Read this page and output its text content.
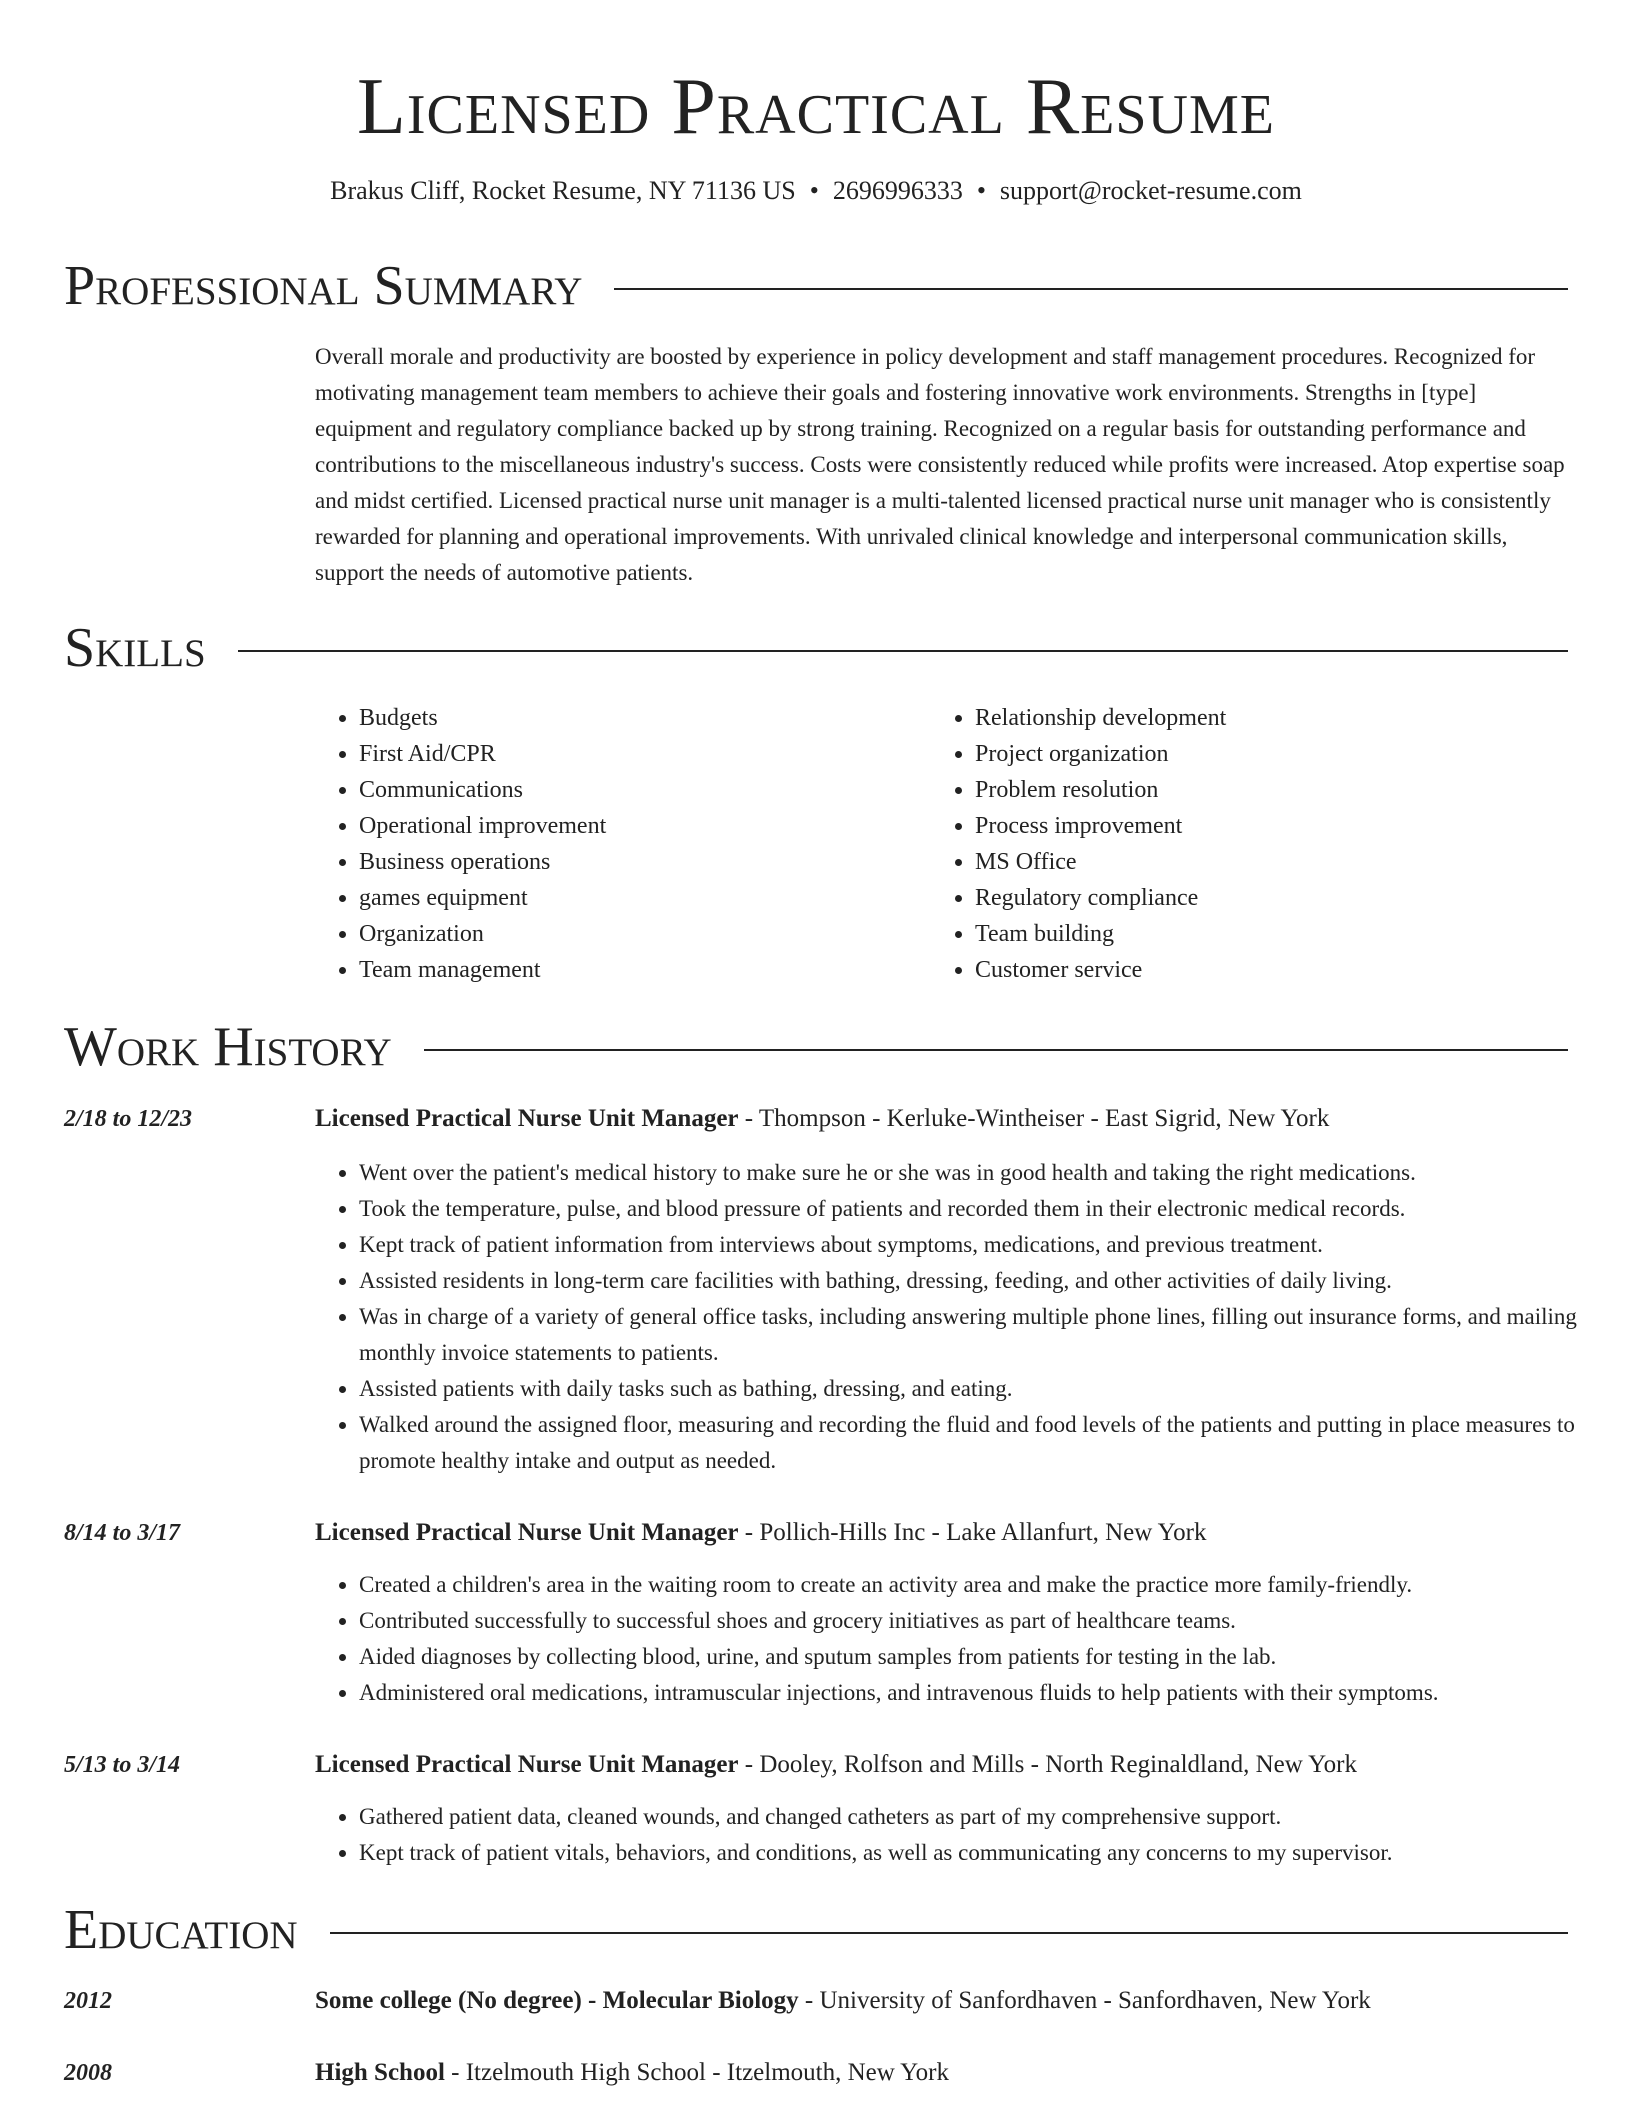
Licensed Practical Resume
Brakus Cliff, Rocket Resume, NY 71136 US • 2696996333 • support@rocket-resume.com
Professional Summary
Overall morale and productivity are boosted by experience in policy development and staff management procedures. Recognized for motivating management team members to achieve their goals and fostering innovative work environments. Strengths in [type] equipment and regulatory compliance backed up by strong training. Recognized on a regular basis for outstanding performance and contributions to the miscellaneous industry's success. Costs were consistently reduced while profits were increased. Atop expertise soap and midst certified. Licensed practical nurse unit manager is a multi-talented licensed practical nurse unit manager who is consistently rewarded for planning and operational improvements. With unrivaled clinical knowledge and interpersonal communication skills, support the needs of automotive patients.
Skills
• Budgets
• First Aid/CPR
• Communications
• Operational improvement
• Business operations
• games equipment
• Organization
• Team management
• Relationship development
• Project organization
• Problem resolution
• Process improvement
• MS Office
• Regulatory compliance
• Team building
• Customer service
Work History
2/18 to 12/23	Licensed Practical Nurse Unit Manager - Thompson - Kerluke-Wintheiser - East Sigrid, New York
• Went over the patient's medical history to make sure he or she was in good health and taking the right medications.
• Took the temperature, pulse, and blood pressure of patients and recorded them in their electronic medical records.
• Kept track of patient information from interviews about symptoms, medications, and previous treatment.
• Assisted residents in long-term care facilities with bathing, dressing, feeding, and other activities of daily living.
• Was in charge of a variety of general office tasks, including answering multiple phone lines, filling out insurance forms, and mailing monthly invoice statements to patients.
• Assisted patients with daily tasks such as bathing, dressing, and eating.
• Walked around the assigned floor, measuring and recording the fluid and food levels of the patients and putting in place measures to promote healthy intake and output as needed.
8/14 to 3/17	Licensed Practical Nurse Unit Manager - Pollich-Hills Inc - Lake Allanfurt, New York
• Created a children's area in the waiting room to create an activity area and make the practice more family-friendly.
• Contributed successfully to successful shoes and grocery initiatives as part of healthcare teams.
• Aided diagnoses by collecting blood, urine, and sputum samples from patients for testing in the lab.
• Administered oral medications, intramuscular injections, and intravenous fluids to help patients with their symptoms.
5/13 to 3/14	Licensed Practical Nurse Unit Manager - Dooley, Rolfson and Mills - North Reginaldland, New York
• Gathered patient data, cleaned wounds, and changed catheters as part of my comprehensive support.
• Kept track of patient vitals, behaviors, and conditions, as well as communicating any concerns to my supervisor.
Education
2012	Some college (No degree) - Molecular Biology - University of Sanfordhaven - Sanfordhaven, New York
2008	High School - Itzelmouth High School - Itzelmouth, New York
